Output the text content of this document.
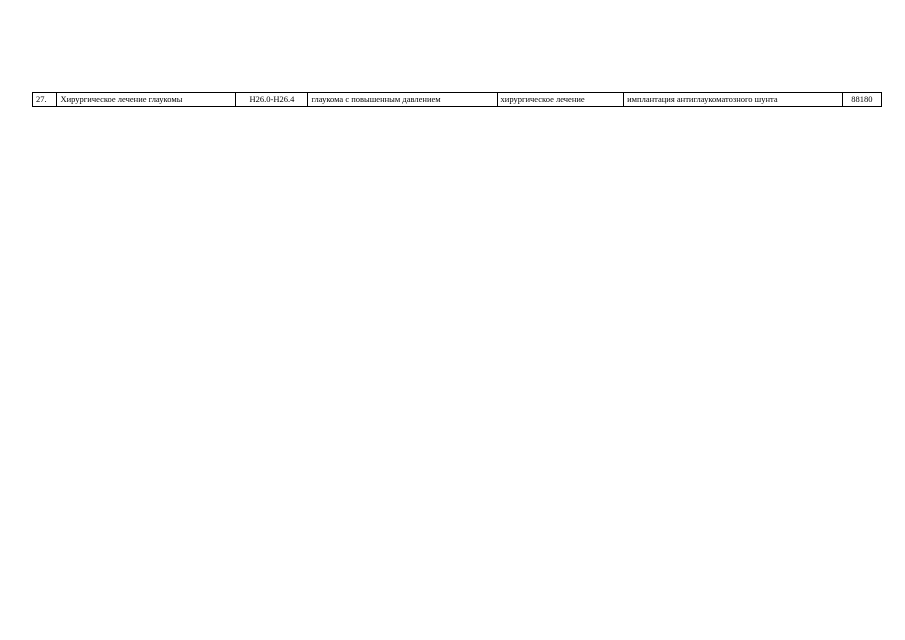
27.	Хирургическое лечение глаукомы	H26.0-H26.4	глаукома с повышенным давлением	хирургическое лечение	имплантация антиглаукоматозного шунта	88180
